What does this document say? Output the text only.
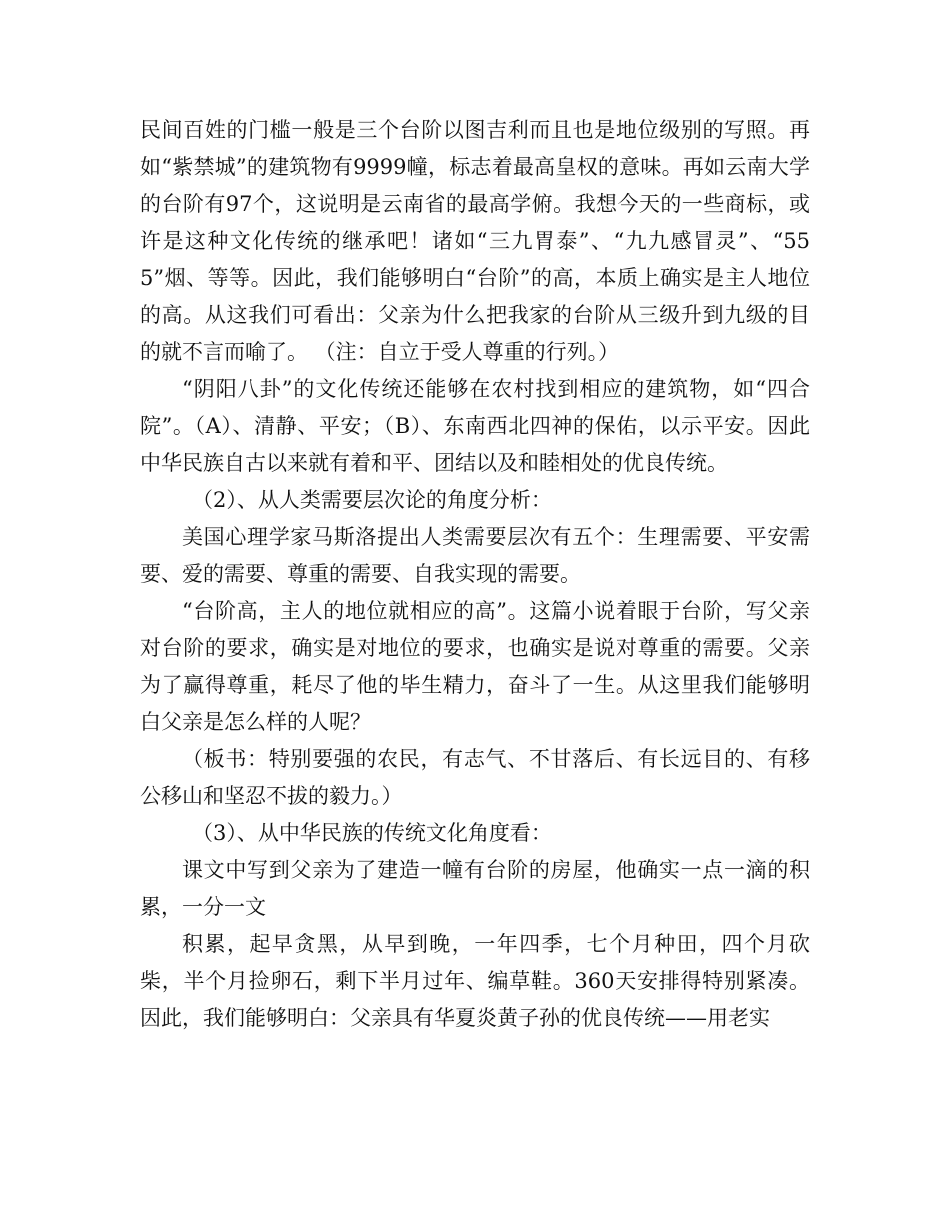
民间百姓的门槛一般是三个台阶以图吉利而且也是地位级别的写照。再如“紫禁城”的建筑物有9999幢，标志着最高皇权的意味。再如云南大学的台阶有97个，这说明是云南省的最高学俯。我想今天的一些商标，或许是这种文化传统的继承吧！诸如“三九胃泰”、“九九感冒灵”、“555”烟、等等。因此，我们能够明白“台阶”的高，本质上确实是主人地位的高。从这我们可看出：父亲为什么把我家的台阶从三级升到九级的目的就不言而喻了。 （注：自立于受人尊重的行列。）

“阴阳八卦”的文化传统还能够在农村找到相应的建筑物，如“四合院”。（A）、清静、平安；（B）、东南西北四神的保佑，以示平安。因此中华民族自古以来就有着和平、团结以及和睦相处的优良传统。

（2）、从人类需要层次论的角度分析：

美国心理学家马斯洛提出人类需要层次有五个：生理需要、平安需要、爱的需要、尊重的需要、自我实现的需要。

“台阶高，主人的地位就相应的高”。这篇小说着眼于台阶，写父亲对台阶的要求，确实是对地位的要求，也确实是说对尊重的需要。父亲为了赢得尊重，耗尽了他的毕生精力，奋斗了一生。从这里我们能够明白父亲是怎么样的人呢？

（板书：特别要强的农民，有志气、不甘落后、有长远目的、有移公移山和坚忍不拔的毅力。）

（3）、从中华民族的传统文化角度看：

课文中写到父亲为了建造一幢有台阶的房屋，他确实一点一滴的积累，一分一文

积累，起早贪黑，从早到晚，一年四季，七个月种田，四个月砍柴，半个月捡卵石，剩下半月过年、编草鞋。360天安排得特别紧凑。因此，我们能够明白：父亲具有华夏炎黄子孙的优良传统——用老实
